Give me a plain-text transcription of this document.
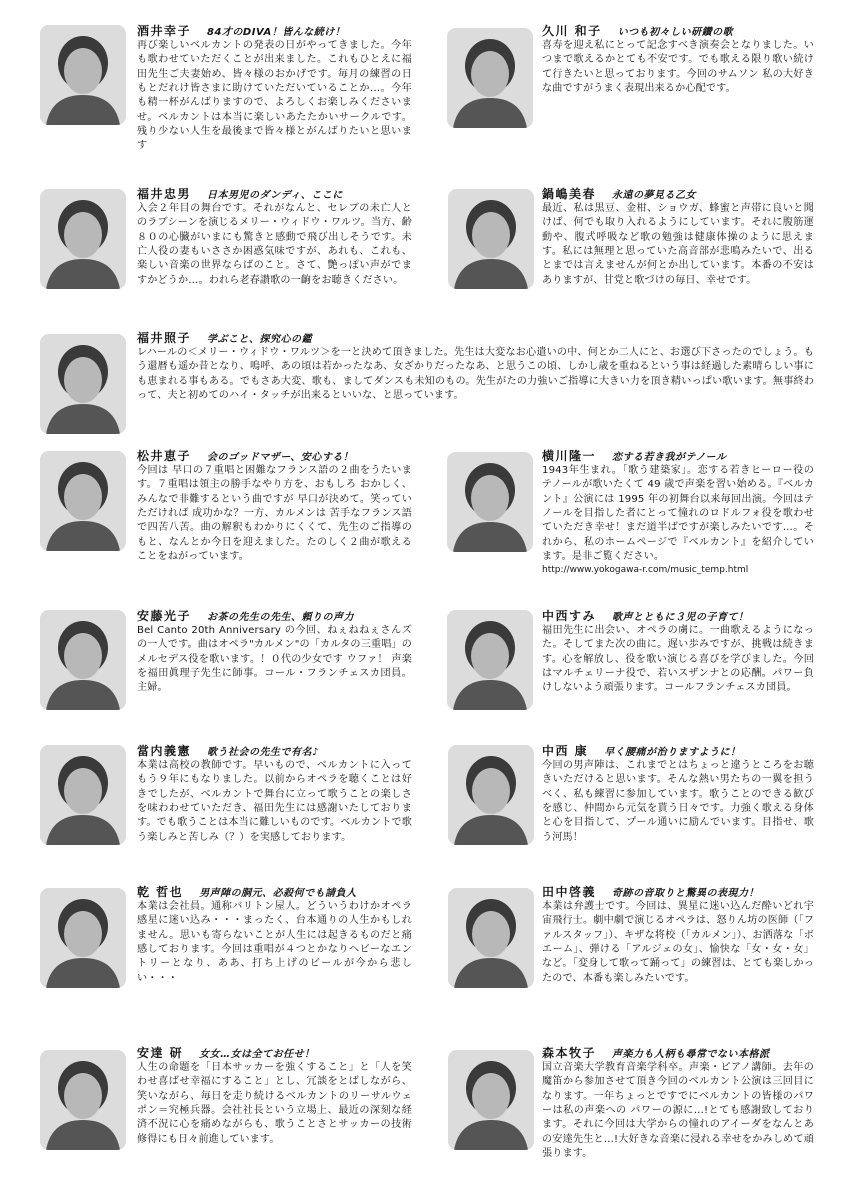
酒井幸子 84才のDIVA！皆んな続け！
再び楽しいベルカントの発表の日がやってきました。今年も歌わせていただくことが出来ました。これもひとえに福田先生ご夫妻始め、皆々様のおかげです。毎月の練習の日もとだれけ皆さまに助けていただいていることか…。今年も精一杯がんばりますので、よろしくお楽しみくださいませ。ベルカントは本当に楽しいあたたかいサークルです。残り少ない人生を最後まで皆々様とがんばりたいと思います
久川 和子 いつも初々しい研鑽の歌
喜寿を迎え私にとって記念すべき演奏会となりました。いつまで歌えるかとても不安です。でも歌える限り歌い続けて行きたいと思っております。今回のサムソン 私の大好きな曲ですがうまく表現出来るか心配です。
福井忠男 日本男児のダンディ、ここに
入会２年目の舞台です。それがなんと、セレブの未亡人とのラブシーンを演じるメリー・ウィドウ・ワルツ。当方、齢８０の心臓がいまにも驚きと感動で飛び出しそうです。未亡人役の妻もいささか困惑気味ですが、あれも、これも、楽しい音楽の世界ならばのこと。さて、艶っぽい声がでますかどうか…。われら老春讃歌の一齣をお聴きください。
鍋嶋美春 永遠の夢見る乙女
最近、私は黒豆、金柑、ショウガ、蜂蜜と声帯に良いと聞けば、何でも取り入れるようにしています。それに腹筋運動や、腹式呼吸など歌の勉強は健康体操のように思えます。私には無理と思っていた高音部が悲鳴みたいで、出るとまでは言えませんが何とか出しています。本番の不安はありますが、甘党と歌づけの毎日、幸せです。
福井照子 学ぶこと、探究心の鑑
レハールの＜メリー・ウィドウ・ワルツ＞を一と決めて頂きました。先生は大変なお心遣いの中、何とか二人にと、お選び下さったのでしょう。もう還暦も遥か昔となり、嗚呼、あの頃は若かったなあ、女ざかりだったなあ、と思うこの頃、しかし歳を重ねるという事は経過した素晴らしい事にも恵まれる事もある。でもさあ大変、歌も、ましてダンスも未知のもの。先生がたの力強いご指導に大きい力を頂き精いっぱい歌います。無事終わって、夫と初めてのハイ・タッチが出来るといいな、と思っています。
松井恵子 会のゴッドマザー、安心する！
今回は 早口の７重唱と困難なフランス語の２曲をうたいます。７重唱は領主の勝手なやり方を、おもしろ おかしく、みんなで非難するという曲ですが 早口が決めて。笑っていただければ 成功かな？一方、カルメンは 苦手なフランス語で四苦八苦。曲の解釈もわかりにくくて、先生のご指導のもと、なんとか今日を迎えました。たのしく２曲が歌えることをねがっています。
横川隆一 恋する若き我がテノール
1943年生まれ。「歌う建築家」。恋する若きヒーロー役のテノールが歌いたくて 49 歳で声楽を習い始める。『ベルカント』公演には 1995 年の初舞台以来毎回出演。今回はテノールを目指した者にとって憧れのロドルフォ役を歌わせていただき幸せ！まだ道半ばですが楽しみたいです…。それから、私のホームページで『ベルカント』を紹介しています。是非ご覧ください。
http://www.yokogawa-r.com/music_temp.html
安藤光子 お茶の先生の先生、頼りの声力
Bel Canto 20th Anniversary の今回、ねぇねねぇさんズの一人です。曲はオペラ"カルメン"の「カルタの三重唱」のメルセデス役を歌います。！０代の少女です ウファ！ 声楽を福田眞理子先生に師事。コール・フランチェスカ団員。主婦。
中西すみ 歌声とともに３児の子育て！
福田先生に出会い、オペラの虜に。一曲歌えるようになった。そしてまた次の曲に。遅い歩みですが、挑戦は続きます。心を解放し、役を歌い演じる喜びを学びました。今回はマルチェリーナ役で、若いスザンナとの応酬。パワー負けしないよう頑張ります。コールフランチェスカ団員。
當内義憲 歌う社会の先生で有名♪
本業は高校の教師です。早いもので、ベルカントに入ってもう９年にもなりました。以前からオペラを聴くことは好きでしたが、ベルカントで舞台に立って歌うことの楽しさを味わわせていただき、福田先生には感謝いたしております。でも歌うことは本当に難しいものです。ベルカントで歌う楽しみと苦しみ（？）を実感しております。
中西 康 早く腰痛が治りますように！
今回の男声陣は、これまでとはちょっと違うところをお聴きいただけると思います。そんな熱い男たちの一翼を担うべく、私も練習に参加しています。歌うことのできる歓びを感じ、仲間から元気を貰う日々です。力強く歌える身体と心を目指して、プール通いに励んでいます。目指せ、歌う河馬！
乾 哲也 男声陣の胴元、必殺何でも請負人
本業は会社員。通称バリトン屋人。どういうわけかオペラ感星に迷い込み・・・まったく、台本通りの人生かもしれません。思いも寄らないことが人生には起きるものだと痛感しております。今回は重唱が４つとかなりヘビーなエントリーとなり、ああ、打ち上げのビールが今から悲しい・・・
田中啓義 奇跡の音取りと驚異の表現力！
本業は弁護士です。今回は、異星に迷い込んだ酔いどれ宇宙飛行士。劇中劇で演じるオペラは、怒りん坊の医師（「ファルスタッフ」）、キザな将校（「カルメン」）、お洒落な「ボエーム」、弾ける「アルジェの女」、愉快な「女・女・女」など。「変身して歌って踊って」の練習は、とても楽しかったので、本番も楽しみたいです。
安達 研 女女…女は全てお任せ！
人生の命題を「日本サッカーを強くすること」と「人を笑わせ喜ばせ幸福にすること」とし、冗談をとばしながら、笑いながら、毎日を走り続けるベルカントのリーサルウェポン＝究極兵器。会社社長という立場上、最近の深刻な経済不況に心を痛めながらも、歌うことさとサッカーの技術修得にも日々前進しています。
森本牧子 声楽力も人柄も尋常でない本格派
国立音楽大学教育音楽学科卒。声楽・ピアノ講師。去年の魔笛から参加させて頂き今回のベルカント公演は三回目になります。一年ちょっとですでにベルカントの皆様のパワーは私の声楽への パワーの源に…!とても感謝致しております。それに今回は大学からの憧れのアイーダをなんとあの安達先生と…!大好きな音楽に浸れる幸せをかみしめて頑張ります。
